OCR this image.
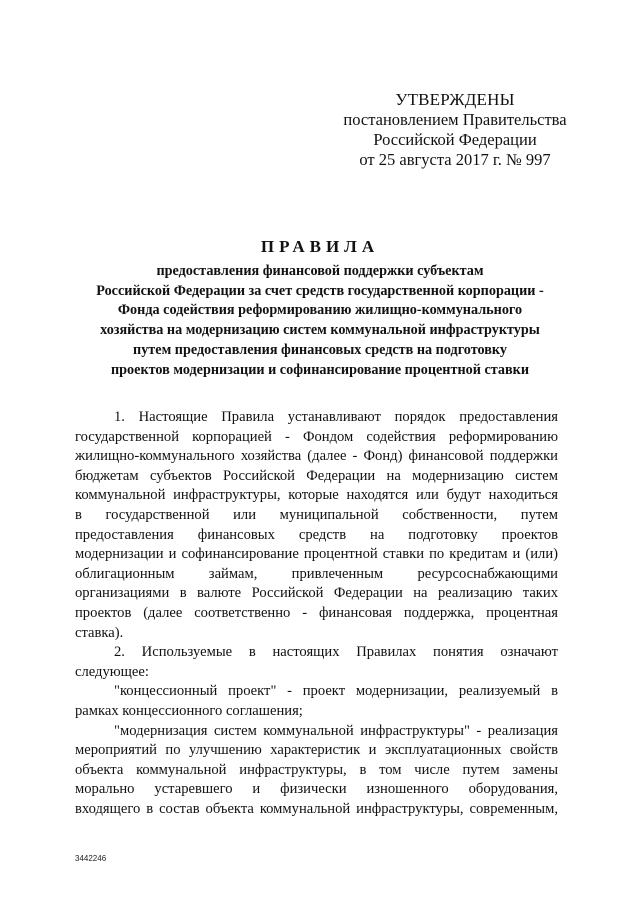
УТВЕРЖДЕНЫ
постановлением Правительства
Российской Федерации
от 25 августа 2017 г. № 997
ПРАВИЛА
предоставления финансовой поддержки субъектам
Российской Федерации за счет средств государственной корпорации -
Фонда содействия реформированию жилищно-коммунального
хозяйства на модернизацию систем коммунальной инфраструктуры
путем предоставления финансовых средств на подготовку
проектов модернизации и софинансирование процентной ставки
1. Настоящие Правила устанавливают порядок предоставления
государственной корпорацией - Фондом содействия реформированию
жилищно-коммунального хозяйства (далее - Фонд) финансовой поддержки
бюджетам субъектов Российской Федерации на модернизацию систем
коммунальной инфраструктуры, которые находятся или будут находиться
в государственной или муниципальной собственности, путем
предоставления финансовых средств на подготовку проектов
модернизации и софинансирование процентной ставки по кредитам и (или)
облигационным займам, привлеченным ресурсоснабжающими
организациями в валюте Российской Федерации на реализацию таких
проектов (далее соответственно - финансовая поддержка, процентная
ставка).
2. Используемые в настоящих Правилах понятия означают
следующее:
"концессионный проект" - проект модернизации, реализуемый в
рамках концессионного соглашения;
"модернизация систем коммунальной инфраструктуры" - реализация
мероприятий по улучшению характеристик и эксплуатационных свойств
объекта коммунальной инфраструктуры, в том числе путем замены
морально устаревшего и физически изношенного оборудования,
входящего в состав объекта коммунальной инфраструктуры, современным,
3442246
